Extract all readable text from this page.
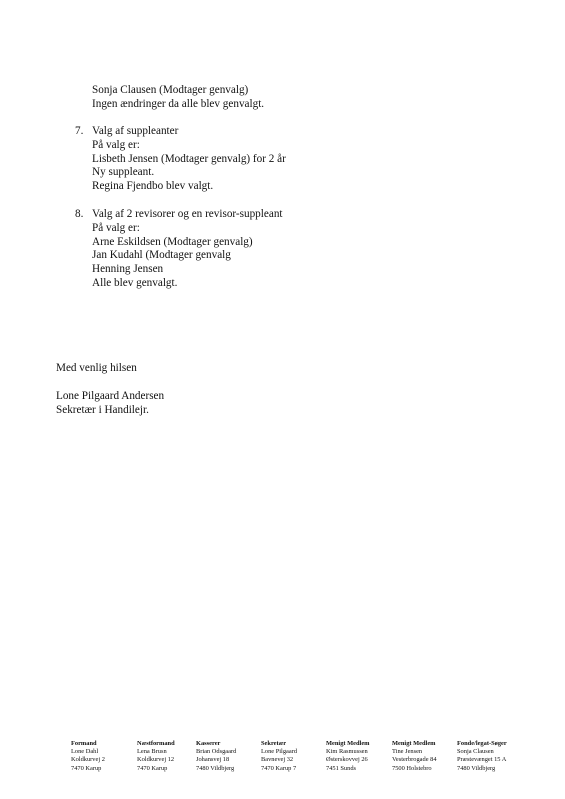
Sonja Clausen (Modtager genvalg)
Ingen ændringer da alle blev genvalgt.
7. Valg af suppleanter
På valg er:
Lisbeth Jensen (Modtager genvalg) for 2 år
Ny suppleant.
Regina Fjendbo blev valgt.
8. Valg af 2 revisorer og en revisor-suppleant
På valg er:
Arne Eskildsen (Modtager genvalg)
Jan Kudahl (Modtager genvalg
Henning Jensen
Alle blev genvalgt.
Med venlig hilsen
Lone Pilgaard Andersen
Sekretær i Handilejr.
Formand
Lone Dahl
Koldkurvej 2
7470 Karup
Næstformand
Lena Brusn
Koldkurvej 12
7470 Karup
Kasserer
Brian Odsgaard
Johansvej 18
7480 Vildbjerg
Sekretær
Lone Pilgaard
Bavnevej 32
7470 Karup 7
Menigt Medlem
Kim Rasmussen
Østerskovvej 26
7451 Sunds
Menigt Medlem
Tine Jensen
Vesterbrogade 84
7500 Holstebro
Fonde/legat-Søger
Sonja Clausen
Præstevænget 15 A
7480 Vildbjerg
